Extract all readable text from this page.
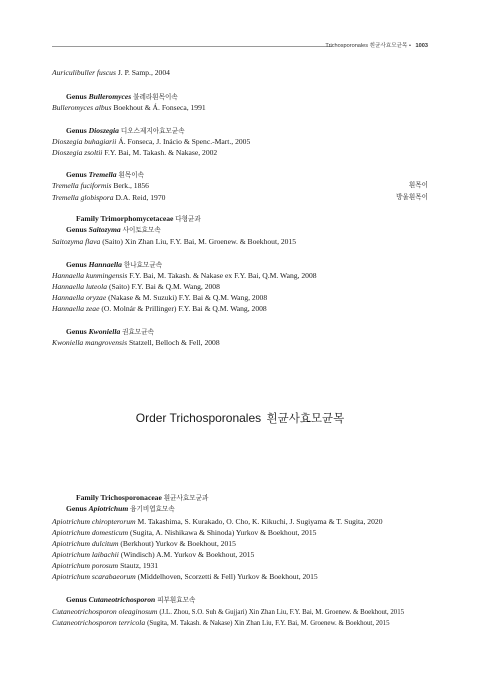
Trichosporonales 흰균사효모균목 • 1003
Auriculibuller fuscus J. P. Samp., 2004
Genus Bulleromyces 불레라흰목이속
Bulleromyces albus Boekhout & Á. Fonseca, 1991
Genus Dioszegia 디오스제지아효모균속
Dioszegia buhagiarii Á. Fonseca, J. Inácio & Spenc.-Mart., 2005
Dioszegia zsoltii F.Y. Bai, M. Takash. & Nakase, 2002
Genus Tremella 흰목이속
Tremella fuciformis Berk., 1856	흰목이
Tremella globispora D.A. Reid, 1970	방울흰목이
Family Trimorphomycetaceae 다형균과
Genus Saitozyma 사이토효모속
Saitozyma flava (Saito) Xin Zhan Liu, F.Y. Bai, M. Groenew. & Boekhout, 2015
Genus Hannaella 한나효모균속
Hannaella kunmingensis F.Y. Bai, M. Takash. & Nakase ex F.Y. Bai, Q.M. Wang, 2008
Hannaella luteola (Saito) F.Y. Bai & Q.M. Wang, 2008
Hannaella oryzae (Nakase & M. Suzuki) F.Y. Bai & Q.M. Wang, 2008
Hannaella zeae (O. Molnár & Prillinger) F.Y. Bai & Q.M. Wang, 2008
Genus Kwoniella 권효모균속
Kwoniella mangrovensis Statzell, Belloch & Fell, 2008
Order Trichosporonales 흰균사효모균목
Family Trichosporonaceae 흰균사효모균과
Genus Apiotrichum 융기비엽효모속
Apiotrichum chiropterorum M. Takashima, S. Kurakado, O. Cho, K. Kikuchi, J. Sugiyama & T. Sugita, 2020
Apiotrichum domesticum (Sugita, A. Nishikawa & Shinoda) Yurkov & Boekhout, 2015
Apiotrichum dulcitum (Berkhout) Yurkov & Boekhout, 2015
Apiotrichum laibachii (Windisch) A.M. Yurkov & Boekhout, 2015
Apiotrichum porosum Stautz, 1931
Apiotrichum scarabaeorum (Middelhoven, Scorzetti & Fell) Yurkov & Boekhout, 2015
Genus Cutaneotrichosporon 피부흰효모속
Cutaneotrichosporon oleaginosum (J.L. Zhou, S.O. Suh & Gujjari) Xin Zhan Liu, F.Y. Bai, M. Groenew. & Boekhout, 2015
Cutaneotrichosporon terricola (Sugita, M. Takash. & Nakase) Xin Zhan Liu, F.Y. Bai, M. Groenew. & Boekhout, 2015
